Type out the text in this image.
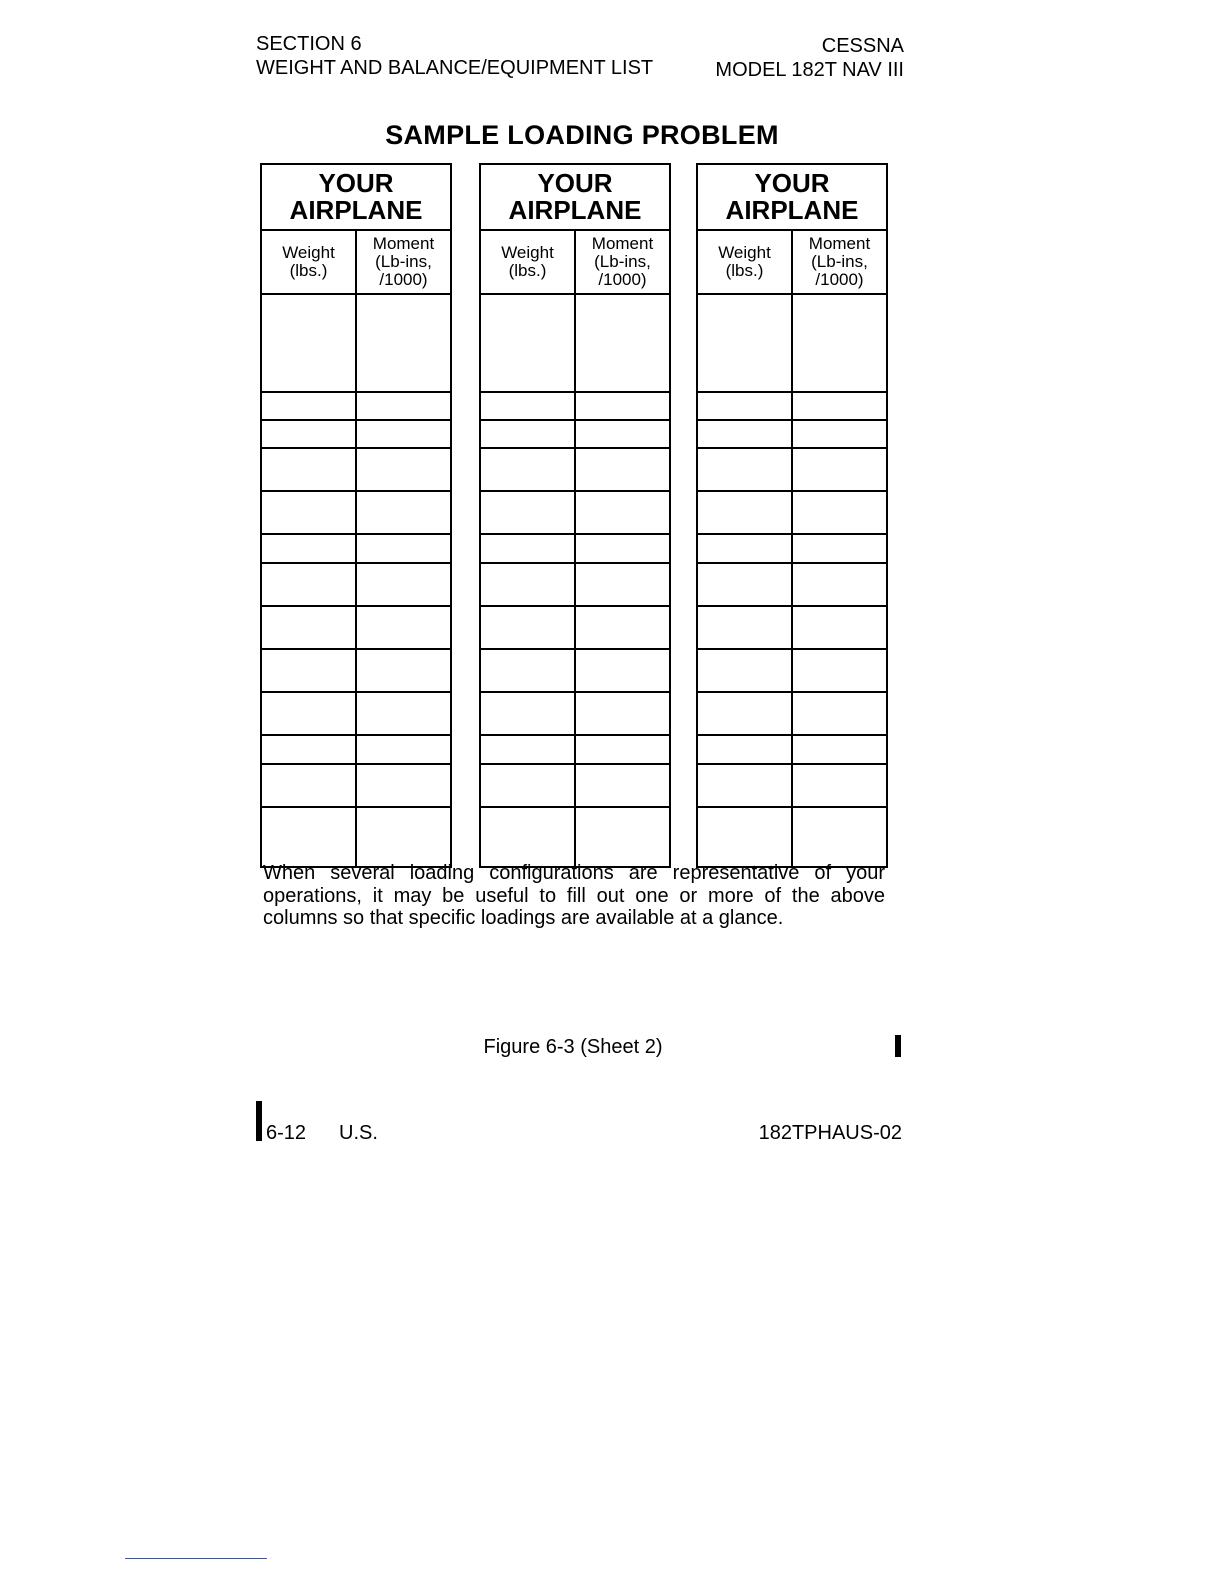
SECTION 6
WEIGHT AND BALANCE/EQUIPMENT LIST
CESSNA
MODEL 182T NAV III
SAMPLE LOADING PROBLEM
YOUR
AIRPLANE
Weight
(lbs.)
Moment
(Lb-ins,
/1000)
YOUR
AIRPLANE
Weight
(lbs.)
Moment
(Lb-ins,
/1000)
YOUR
AIRPLANE
Weight
(lbs.)
Moment
(Lb-ins,
/1000)
When several loading configurations are representative of your operations, it may be useful to fill out one or more of the above columns so that specific loadings are available at a glance.
Figure 6-3 (Sheet 2)
6-12 U.S.	182TPHAUS-02
